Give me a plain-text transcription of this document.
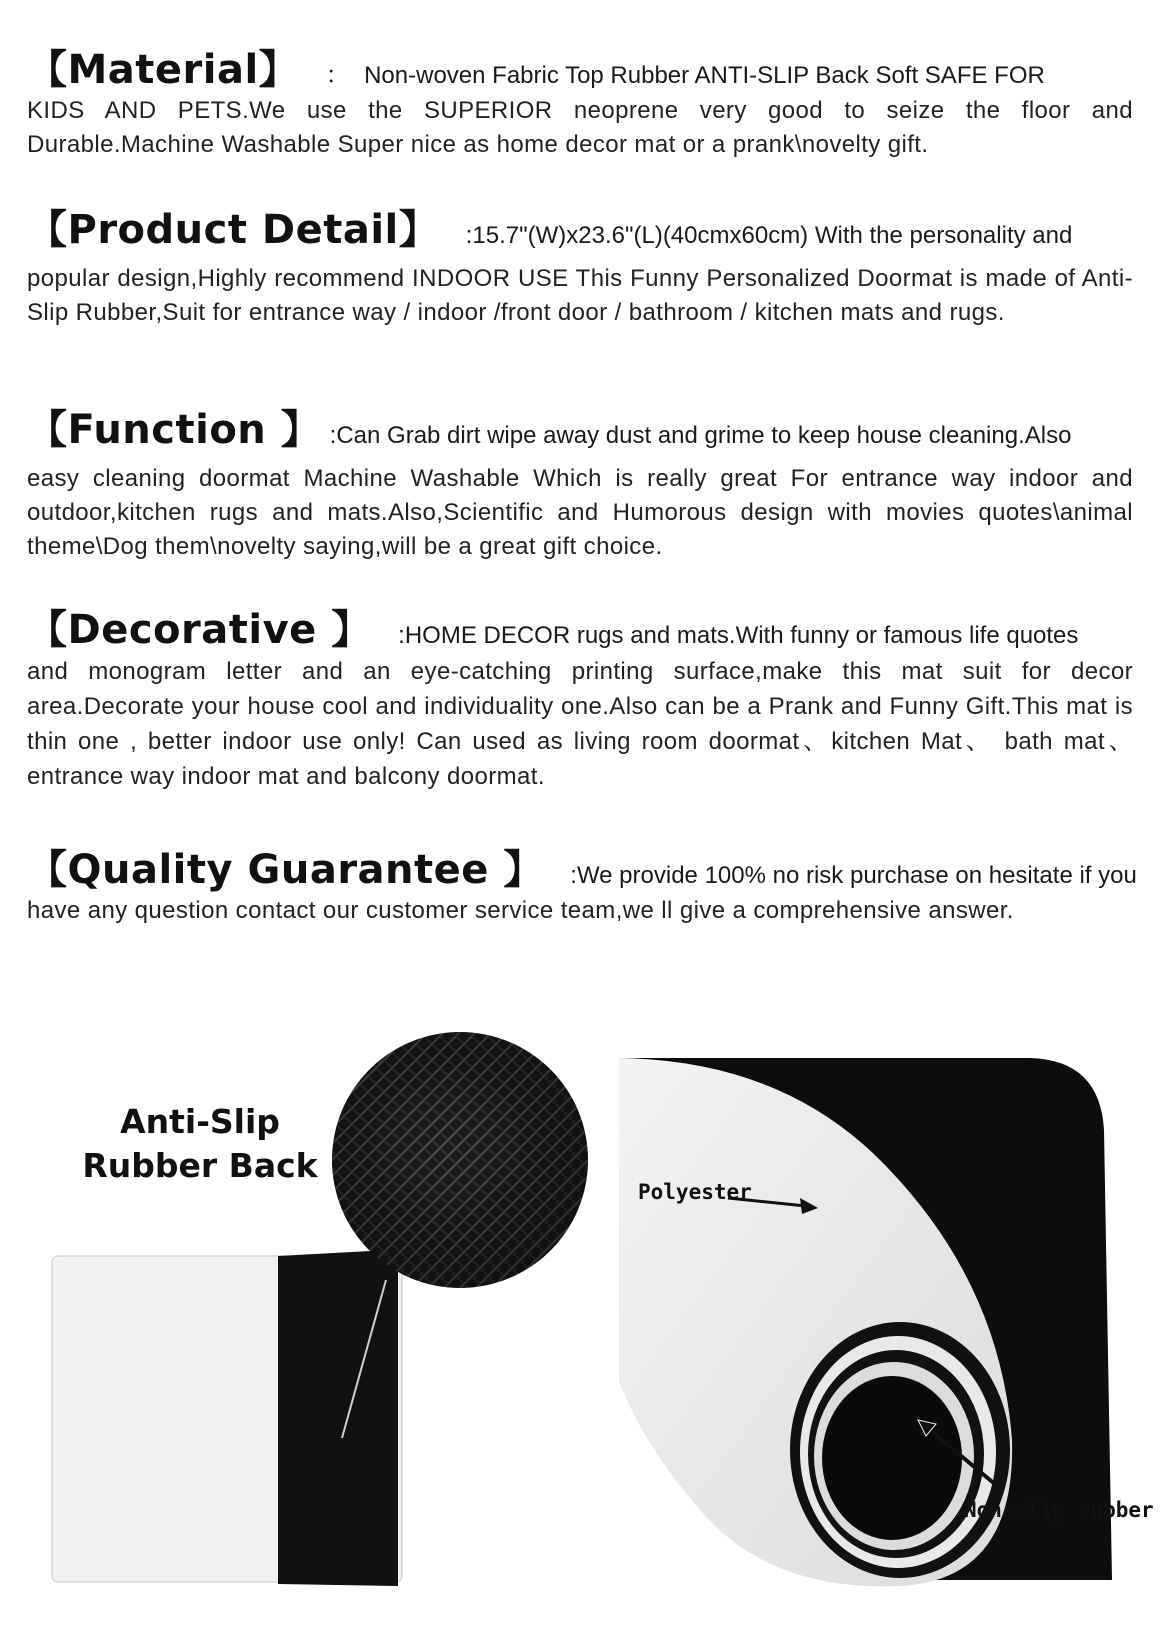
【Material】 ： Non-woven Fabric Top Rubber ANTI-SLIP Back Soft SAFE FOR

KIDS AND PETS.We use the SUPERIOR neoprene very good to seize the floor and Durable.Machine Washable Super nice as home decor mat or a prank\novelty gift.

【Product Detail】 :15.7"(W)x23.6"(L)(40cmx60cm) With the personality and

popular design,Highly recommend INDOOR USE This Funny Personalized Doormat is made of Anti-Slip Rubber,Suit for entrance way / indoor /front door / bathroom / kitchen mats and rugs.

【Function 】 :Can Grab dirt wipe away dust and grime to keep house cleaning.Also

easy cleaning doormat Machine Washable Which is really great For entrance way indoor and outdoor,kitchen rugs and mats.Also,Scientific and Humorous design with movies quotes\animal theme\Dog them\novelty saying,will be a great gift choice.

【Decorative 】 :HOME DECOR rugs and mats.With funny or famous life quotes

and monogram letter and an eye-catching printing surface,make this mat suit for decor area.Decorate your house cool and individuality one.Also can be a Prank and Funny Gift.This mat is thin one , better indoor use only! Can used as living room doormat、kitchen Mat、 bath mat、 entrance way indoor mat and balcony doormat.

【Quality Guarantee 】 :We provide 100% no risk purchase on hesitate if you

have any question contact our customer service team,we ll give a comprehensive answer.

Anti-Slip
Rubber Back
Polyester
Non-slip rubber
